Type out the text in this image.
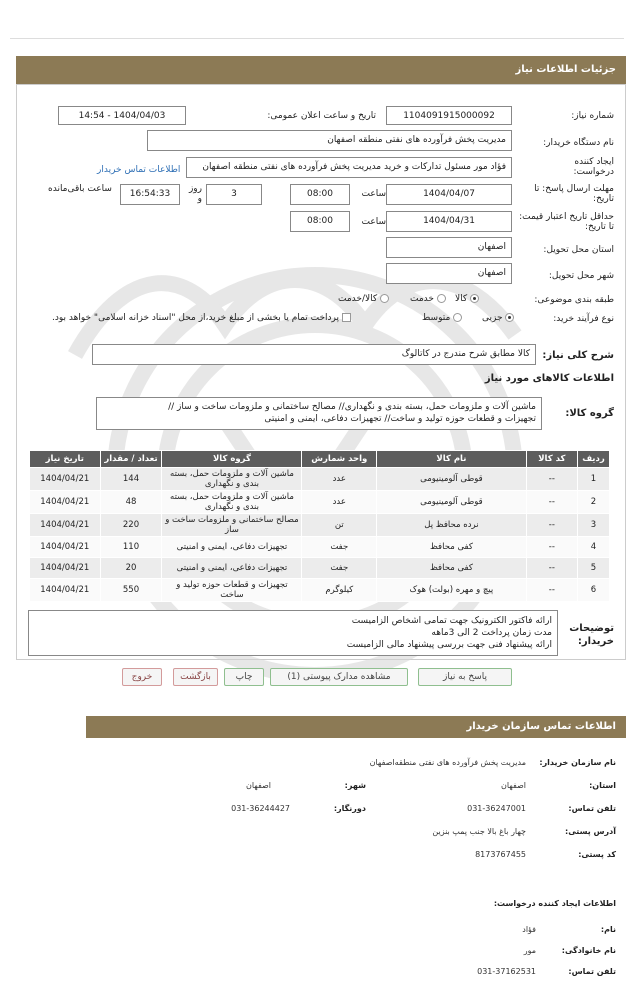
جزئیات اطلاعات نیاز
شماره نیاز:
1104091915000092
تاریخ و ساعت اعلان عمومی:
1404/04/03 - 14:54
نام دستگاه خریدار:
مدیریت پخش فرآورده های نفتی منطقه اصفهان
ایجاد کننده درخواست:
فؤاد مور مسئول تدارکات و خرید مدیریت پخش فرآورده های نفتی منطقه اصفهان
اطلاعات تماس خریدار
مهلت ارسال پاسخ: تا تاریخ:
1404/04/07
ساعت
08:00
3
روز و
16:54:33
ساعت باقی‌مانده
حداقل تاریخ اعتبار قیمت: تا تاریخ:
1404/04/31
ساعت
08:00
استان محل تحویل:
اصفهان
شهر محل تحویل:
اصفهان
طبقه بندی موضوعی:
کالا
خدمت
کالا/خدمت
نوع فرآیند خرید:
جزیی
متوسط
پرداخت تمام یا بخشی از مبلغ خرید،از محل "اسناد خزانه اسلامی" خواهد بود.
شرح کلی نیاز:
کالا مطابق شرح مندرج در کاتالوگ
اطلاعات کالاهای مورد نیاز
گروه کالا:
ماشین آلات و ملزومات حمل، بسته بندی و نگهداری// مصالح ساختمانی و ملزومات ساخت و ساز //
تجهیزات و قطعات حوزه تولید و ساخت// تجهیزات دفاعی، ایمنی و امنیتی
ردیف	کد کالا	نام کالا	واحد شمارش	گروه کالا	تعداد / مقدار	تاریخ نیاز
1	--	قوطی آلومینیومی	عدد	ماشین آلات و ملزومات حمل، بسته بندی و نگهداری	144	1404/04/21
2	--	قوطی آلومینیومی	عدد	ماشین آلات و ملزومات حمل، بسته بندی و نگهداری	48	1404/04/21
3	--	نرده محافظ پل	تن	مصالح ساختمانی و ملزومات ساخت و ساز	220	1404/04/21
4	--	کفی محافظ	جفت	تجهیزات دفاعی، ایمنی و امنیتی	110	1404/04/21
5	--	کفی محافظ	جفت	تجهیزات دفاعی، ایمنی و امنیتی	20	1404/04/21
6	--	پیچ و مهره (بولت) هوک	کیلوگرم	تجهیزات و قطعات حوزه تولید و ساخت	550	1404/04/21
توضیحات خریدار:
ارائه فاکتور الکترونیک جهت تمامی اشخاص الزامیست
مدت زمان پرداخت 2 الی 3ماهه
ارائه پیشنهاد فنی جهت بررسی پیشنهاد مالی الزامیست
پاسخ به نیاز
مشاهده مدارک پیوستی (1)
چاپ
بازگشت
خروج
اطلاعات تماس سازمان خریدار
نام سازمان خریدار:
مدیریت پخش فرآورده های نفتی منطقه‌اصفهان
استان:
اصفهان
شهر:
اصفهان
تلفن تماس:
031-36247001
دورنگار:
031-36244427
آدرس پستی:
چهار باغ بالا جنب پمپ بنزین
کد پستی:
8173767455
اطلاعات ایجاد کننده درخواست:
نام:
فؤاد
نام خانوادگی:
مور
تلفن تماس:
031-37162531
